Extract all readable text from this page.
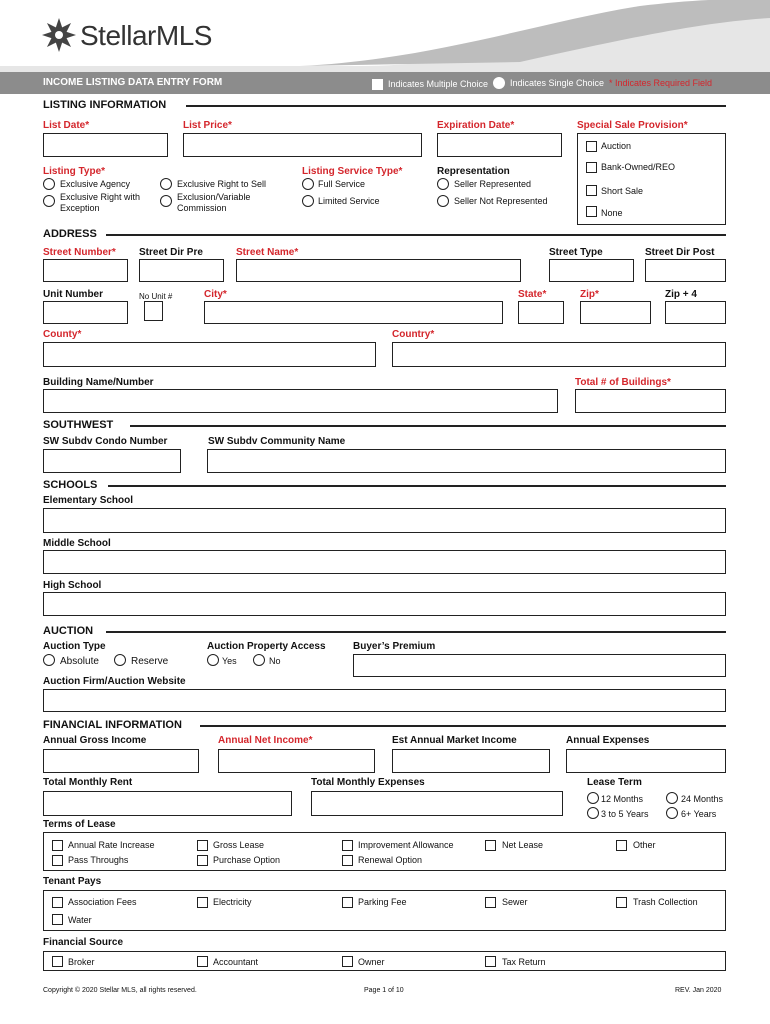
StellarMLS
INCOME LISTING DATA ENTRY FORM	Indicates Multiple Choice Indicates Single Choice * Indicates Required Field
LISTING INFORMATION
List Date*	List Price*	Expiration Date*	Special Sale Provision*
Auction
Bank-Owned/REO
Short Sale
None
Listing Type*
Exclusive Agency
Exclusive Right with Exception
Exclusive Right to Sell
Exclusion/Variable Commission
Listing Service Type*
Full Service
Limited Service
Representation
Seller Represented
Seller Not Represented
ADDRESS
Street Number* Street Dir Pre	Street Name*	Street Type	Street Dir Post
Unit Number	No Unit #	City*	State*	Zip*	Zip + 4
County*	Country*
Building Name/Number	Total # of Buildings*
SOUTHWEST
SW Subdv Condo Number	SW Subdv Community Name
SCHOOLS
Elementary School
Middle School
High School
AUCTION
Auction Type
Absolute	Reserve
Auction Property Access
Yes	No
Buyer’s Premium
Auction Firm/Auction Website
FINANCIAL INFORMATION
Annual Gross Income	Annual Net Income*	Est Annual Market Income	Annual Expenses
Total Monthly Rent	Total Monthly Expenses	Lease Term
12 Months	24 Months
3 to 5 Years	6+ Years
Terms of Lease
Annual Rate Increase	Gross Lease	Improvement Allowance	Net Lease	Other
Pass Throughs	Purchase Option	Renewal Option
Tenant Pays
Association Fees	Electricity	Parking Fee	Sewer	Trash Collection
Water
Financial Source
Broker	Accountant	Owner	Tax Return
Copyright © 2020 Stellar MLS, all rights reserved.	Page 1 of 10	REV. Jan 2020
